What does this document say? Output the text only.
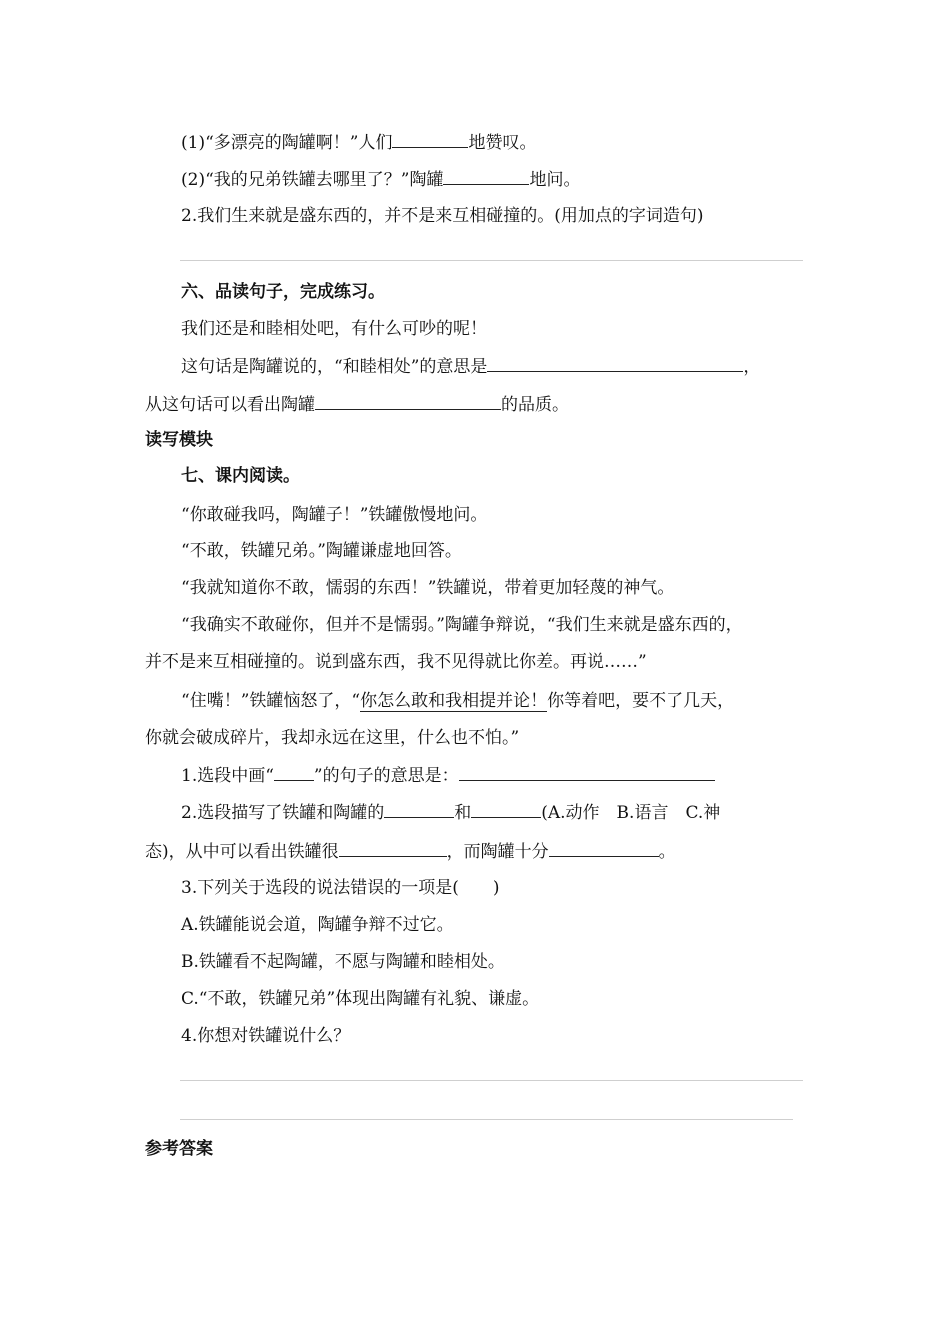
(1)“多漂亮的陶罐啊！”人们	地赞叹。
(2)“我的兄弟铁罐去哪里了？”陶罐	地问。
2.我们生来就是盛东西的，并不是来互相碰撞的。(用加点的字词造句)
六、品读句子，完成练习。
我们还是和睦相处吧，有什么可吵的呢！
这句话是陶罐说的，“和睦相处”的意思是	，
从这句话可以看出陶罐	的品质。
读写模块
七、课内阅读。
“你敢碰我吗，陶罐子！”铁罐傲慢地问。
“不敢，铁罐兄弟。”陶罐谦虚地回答。
“我就知道你不敢，懦弱的东西！”铁罐说，带着更加轻蔑的神气。
“我确实不敢碰你，但并不是懦弱。”陶罐争辩说，“我们生来就是盛东西的，
并不是来互相碰撞的。说到盛东西，我不见得就比你差。再说……”
“住嘴！”铁罐恼怒了，“你怎么敢和我相提并论！你等着吧，要不了几天，
你就会破成碎片，我却永远在这里，什么也不怕。”
1.选段中画“ ”的句子的意思是：
2.选段描写了铁罐和陶罐的	和	(A.动作　B.语言　C.神
态)，从中可以看出铁罐很	，而陶罐十分	。
3.下列关于选段的说法错误的一项是(　　)
A.铁罐能说会道，陶罐争辩不过它。
B.铁罐看不起陶罐，不愿与陶罐和睦相处。
C.“不敢，铁罐兄弟”体现出陶罐有礼貌、谦虚。
4.你想对铁罐说什么？
参考答案
